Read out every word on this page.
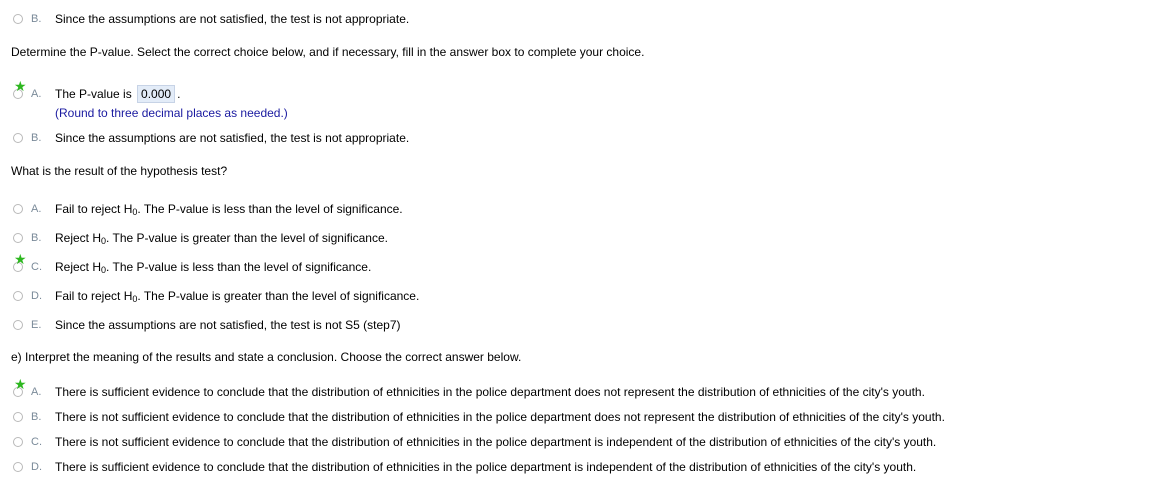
B. Since the assumptions are not satisfied, the test is not appropriate.
Determine the P-value. Select the correct choice below, and if necessary, fill in the answer box to complete your choice.
★ A. The P-value is 0.000 .
(Round to three decimal places as needed.)
B. Since the assumptions are not satisfied, the test is not appropriate.
What is the result of the hypothesis test?
A. Fail to reject $H_0$. The P-value is less than the level of significance.
B. Reject $H_0$. The P-value is greater than the level of significance.
★ C. Reject $H_0$. The P-value is less than the level of significance.
D. Fail to reject $H_0$. The P-value is greater than the level of significance.
E. Since the assumptions are not satisfied, the test is not S5 (step7)
e) Interpret the meaning of the results and state a conclusion. Choose the correct answer below.
★ A. There is sufficient evidence to conclude that the distribution of ethnicities in the police department does not represent the distribution of ethnicities of the city's youth.
B. There is not sufficient evidence to conclude that the distribution of ethnicities in the police department does not represent the distribution of ethnicities of the city's youth.
C. There is not sufficient evidence to conclude that the distribution of ethnicities in the police department is independent of the distribution of ethnicities of the city's youth.
D. There is sufficient evidence to conclude that the distribution of ethnicities in the police department is independent of the distribution of ethnicities of the city's youth.
